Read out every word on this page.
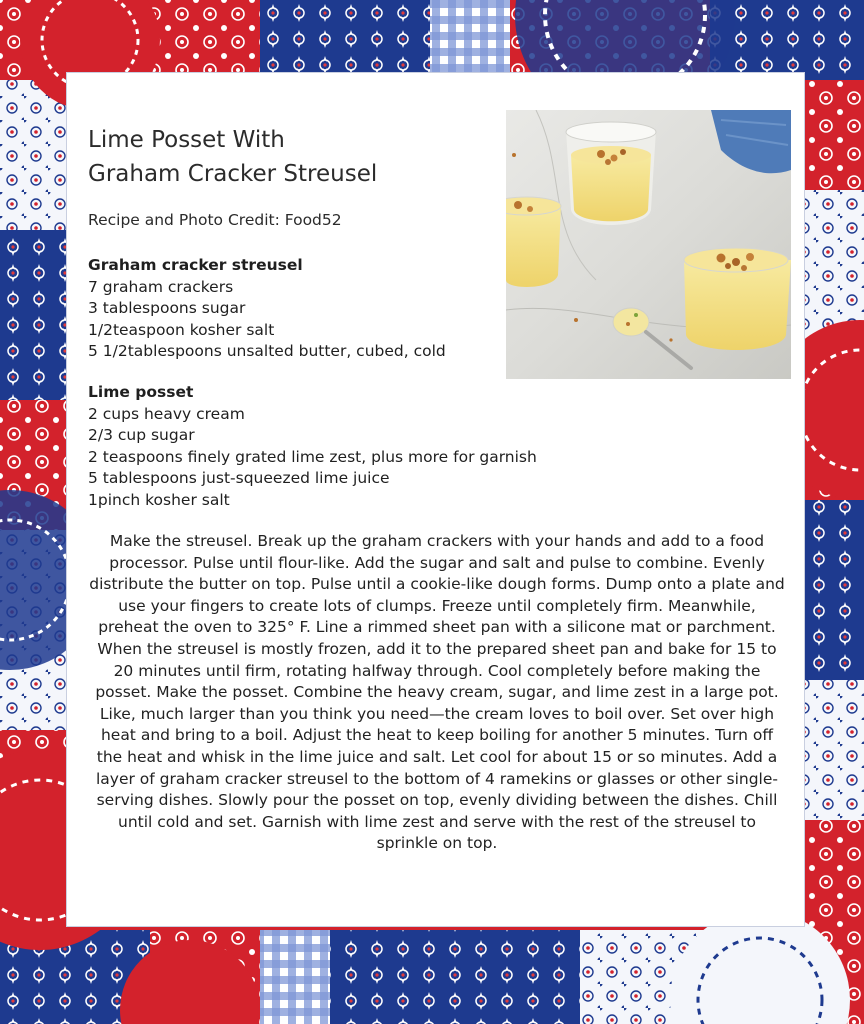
Lime Posset With
Graham Cracker Streusel

Recipe and Photo Credit: Food52

Graham cracker streusel
7 graham crackers
3 tablespoons sugar
1/2teaspoon kosher salt
5 1/2tablespoons unsalted butter, cubed, cold
Lime posset
2 cups heavy cream
2/3 cup sugar
2 teaspoons finely grated lime zest, plus more for garnish
5 tablespoons just-squeezed lime juice
1pinch kosher salt

Make the streusel. Break up the graham crackers with your hands and add to a food processor. Pulse until flour-like. Add the sugar and salt and pulse to combine. Evenly distribute the butter on top. Pulse until a cookie-like dough forms. Dump onto a plate and use your fingers to create lots of clumps. Freeze until completely firm. Meanwhile, preheat the oven to 325° F. Line a rimmed sheet pan with a silicone mat or parchment. When the streusel is mostly frozen, add it to the prepared sheet pan and bake for 15 to 20 minutes until firm, rotating halfway through. Cool completely before making the posset. Make the posset. Combine the heavy cream, sugar, and lime zest in a large pot. Like, much larger than you think you need—the cream loves to boil over. Set over high heat and bring to a boil. Adjust the heat to keep boiling for another 5 minutes. Turn off the heat and whisk in the lime juice and salt. Let cool for about 15 or so minutes. Add a layer of graham cracker streusel to the bottom of 4 ramekins or glasses or other single-serving dishes. Slowly pour the posset on top, evenly dividing between the dishes. Chill until cold and set. Garnish with lime zest and serve with the rest of the streusel to sprinkle on top.
